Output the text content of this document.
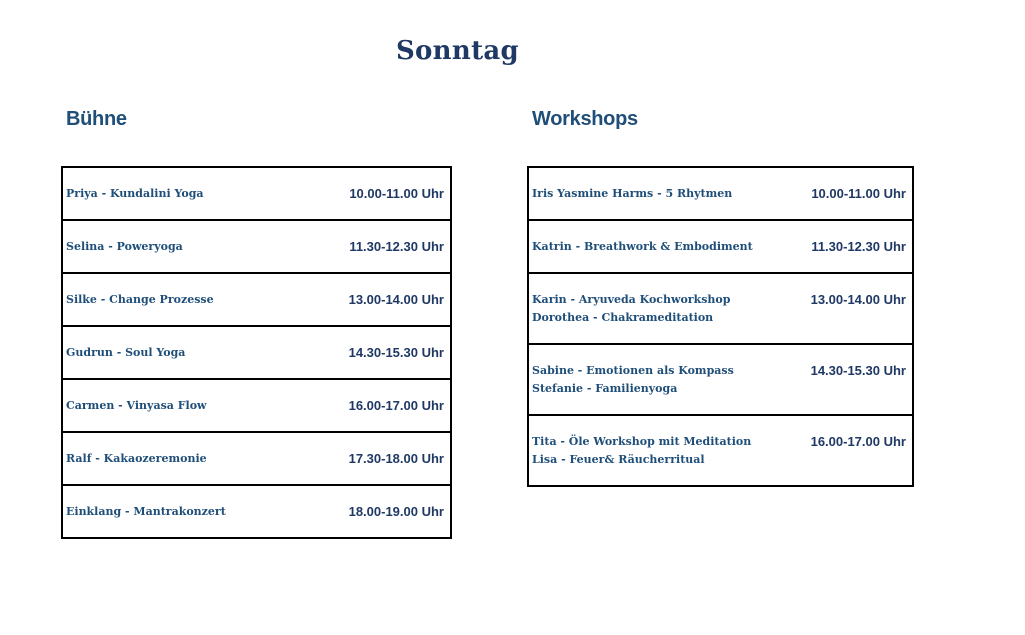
Sonntag
Bühne	Workshops
Priya - Kundalini Yoga	10.00-11.00 Uhr

Selina - Poweryoga	11.30-12.30 Uhr

Silke - Change Prozesse	13.00-14.00 Uhr

Gudrun - Soul Yoga	14.30-15.30 Uhr

Carmen - Vinyasa Flow	16.00-17.00 Uhr

Ralf - Kakaozeremonie	17.30-18.00 Uhr

Einklang - Mantrakonzert	18.00-19.00 Uhr
Iris Yasmine Harms - 5 Rhytmen	10.00-11.00 Uhr

Katrin - Breathwork & Embodiment	11.30-12.30 Uhr

Karin - Aryuveda Kochworkshop
Dorothea - Chakrameditation
13.00-14.00 Uhr

Sabine - Emotionen als Kompass
Stefanie - Familienyoga
14.30-15.30 Uhr

Tita - Öle Workshop mit Meditation
Lisa - Feuer& Räucherritual
16.00-17.00 Uhr
